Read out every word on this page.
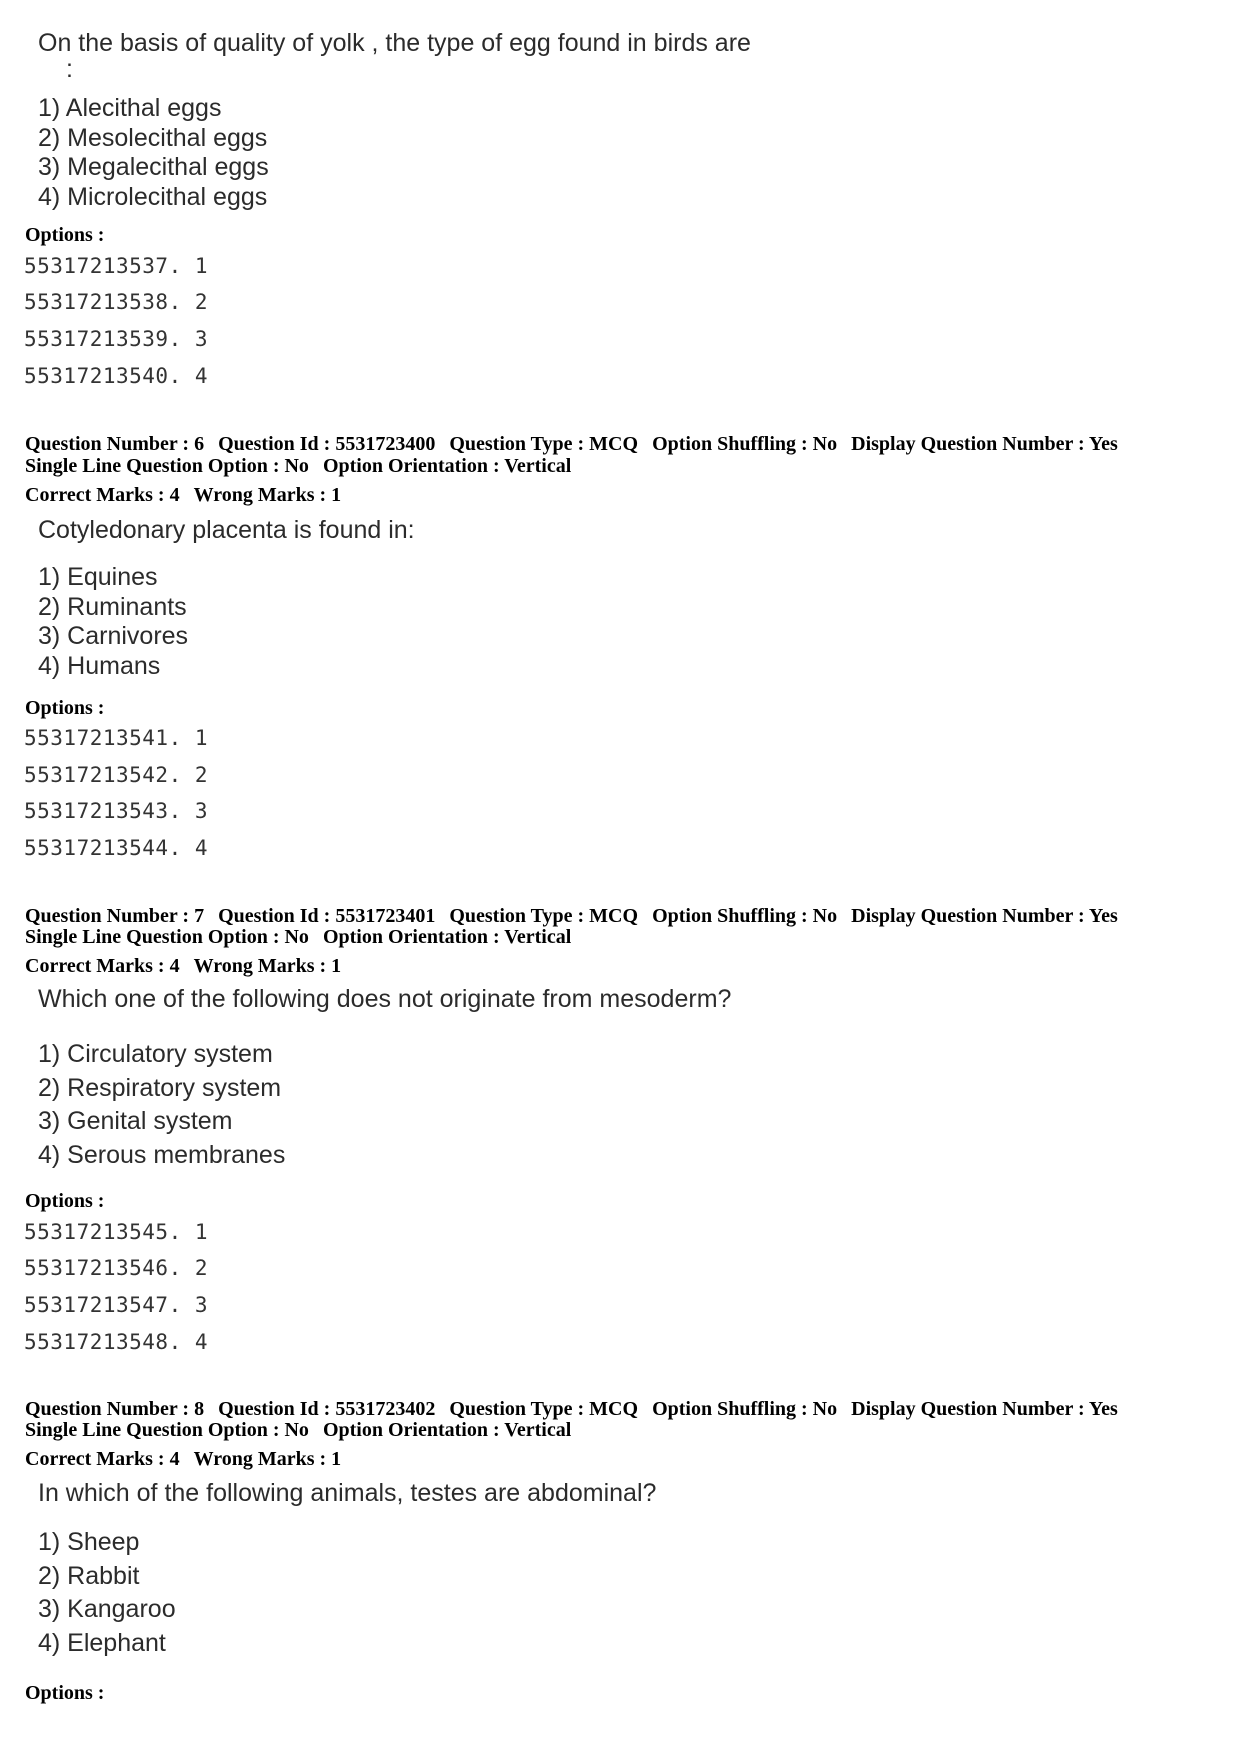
On the basis of quality of yolk , the type of egg found in birds are
:
1) Alecithal eggs
2) Mesolecithal eggs
3) Megalecithal eggs
4) Microlecithal eggs
Options :
55317213537. 1
55317213538. 2
55317213539. 3
55317213540. 4
Question Number : 6 Question Id : 5531723400 Question Type : MCQ Option Shuffling : No Display Question Number : Yes
Single Line Question Option : No Option Orientation : Vertical
Correct Marks : 4 Wrong Marks : 1
Cotyledonary placenta is found in:
1) Equines
2) Ruminants
3) Carnivores
4) Humans
Options :
55317213541. 1
55317213542. 2
55317213543. 3
55317213544. 4
Question Number : 7 Question Id : 5531723401 Question Type : MCQ Option Shuffling : No Display Question Number : Yes
Single Line Question Option : No Option Orientation : Vertical
Correct Marks : 4 Wrong Marks : 1
Which one of the following does not originate from mesoderm?
1) Circulatory system
2) Respiratory system
3) Genital system
4) Serous membranes
Options :
55317213545. 1
55317213546. 2
55317213547. 3
55317213548. 4
Question Number : 8 Question Id : 5531723402 Question Type : MCQ Option Shuffling : No Display Question Number : Yes
Single Line Question Option : No Option Orientation : Vertical
Correct Marks : 4 Wrong Marks : 1
In which of the following animals, testes are abdominal?
1) Sheep
2) Rabbit
3) Kangaroo
4) Elephant
Options :
